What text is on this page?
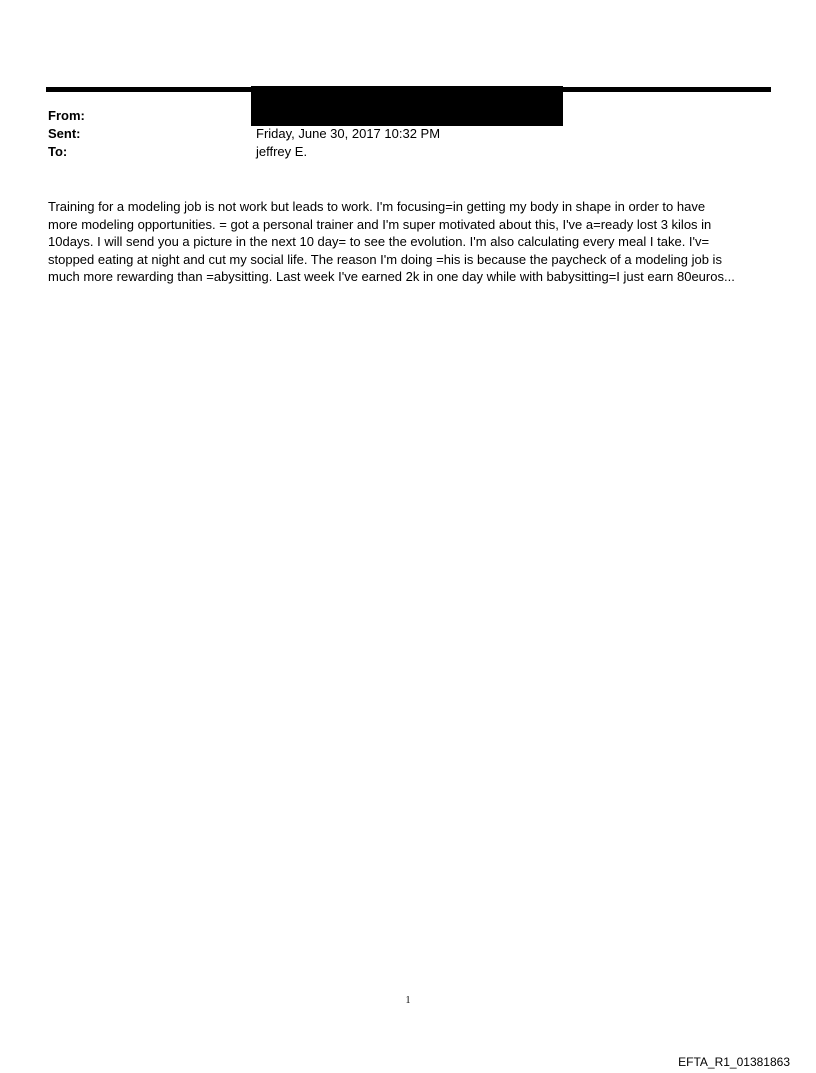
From:
Sent:	Friday, June 30, 2017 10:32 PM
To:	jeffrey E.
Training for a modeling job is not work but leads to work. I'm focusing=in getting my body in shape in order to have
more modeling opportunities. = got a personal trainer and I'm super motivated about this, I've a=ready lost 3 kilos in
10days. I will send you a picture in the next 10 day= to see the evolution. I'm also calculating every meal I take. I'v=
stopped eating at night and cut my social life. The reason I'm doing =his is because the paycheck of a modeling job is
much more rewarding than =abysitting. Last week I've earned 2k in one day while with babysitting=I just earn 80euros...
1
EFTA_R1_01381863
